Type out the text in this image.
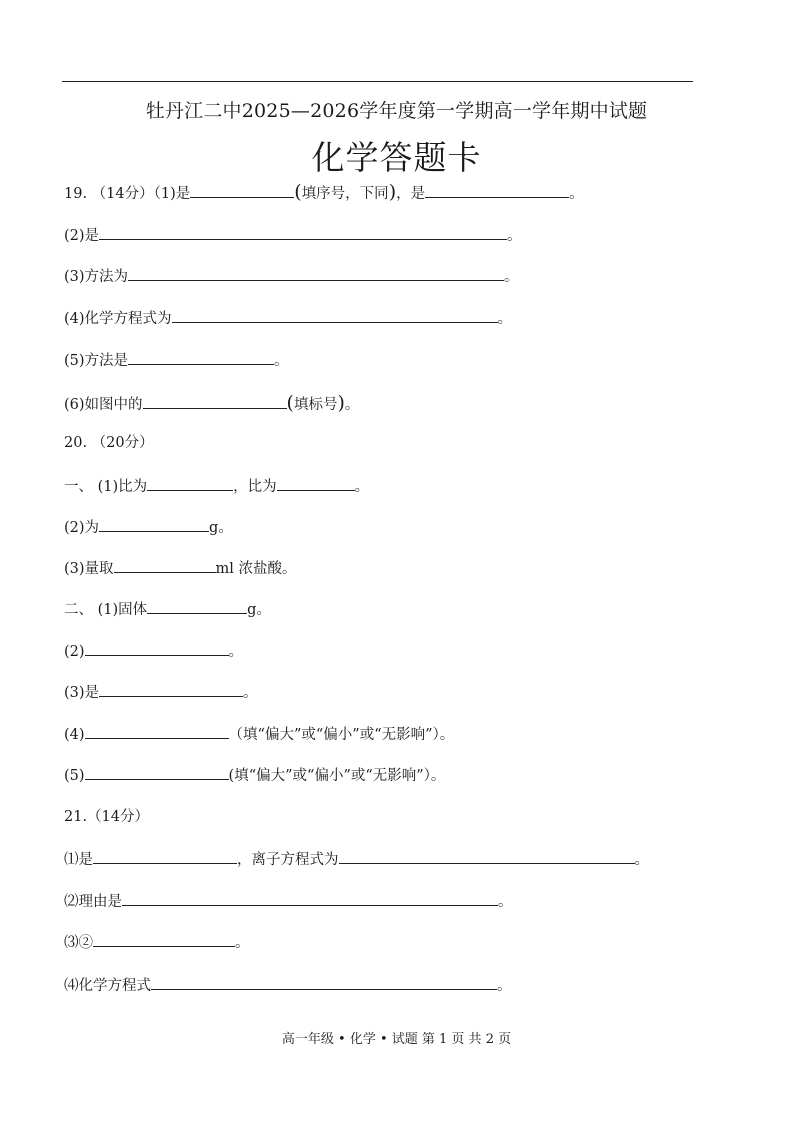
牡丹江二中2025—2026学年度第一学期高一学年期中试题
化学答题卡
19. （14分）（1)是	(填序号，下同)，是	。
(2)是	。
(3)方法为	。
(4)化学方程式为	。
(5)方法是	。
(6)如图中的	(填标号)。
20. （20分）
一、 (1)比为	，比为	。
(2)为	g。
(3)量取	ml 浓盐酸。
二、 (1)固体	g。
(2)	。
(3)是	。
(4)	（填“偏大”或“偏小”或“无影响”）。
(5)	(填“偏大”或“偏小”或“无影响”）。
21.（14分）
⑴是	，离子方程式为	。
⑵理由是	。
⑶②	。
⑷化学方程式	。
高一年级 • 化学 • 试题 第 1 页 共 2 页
